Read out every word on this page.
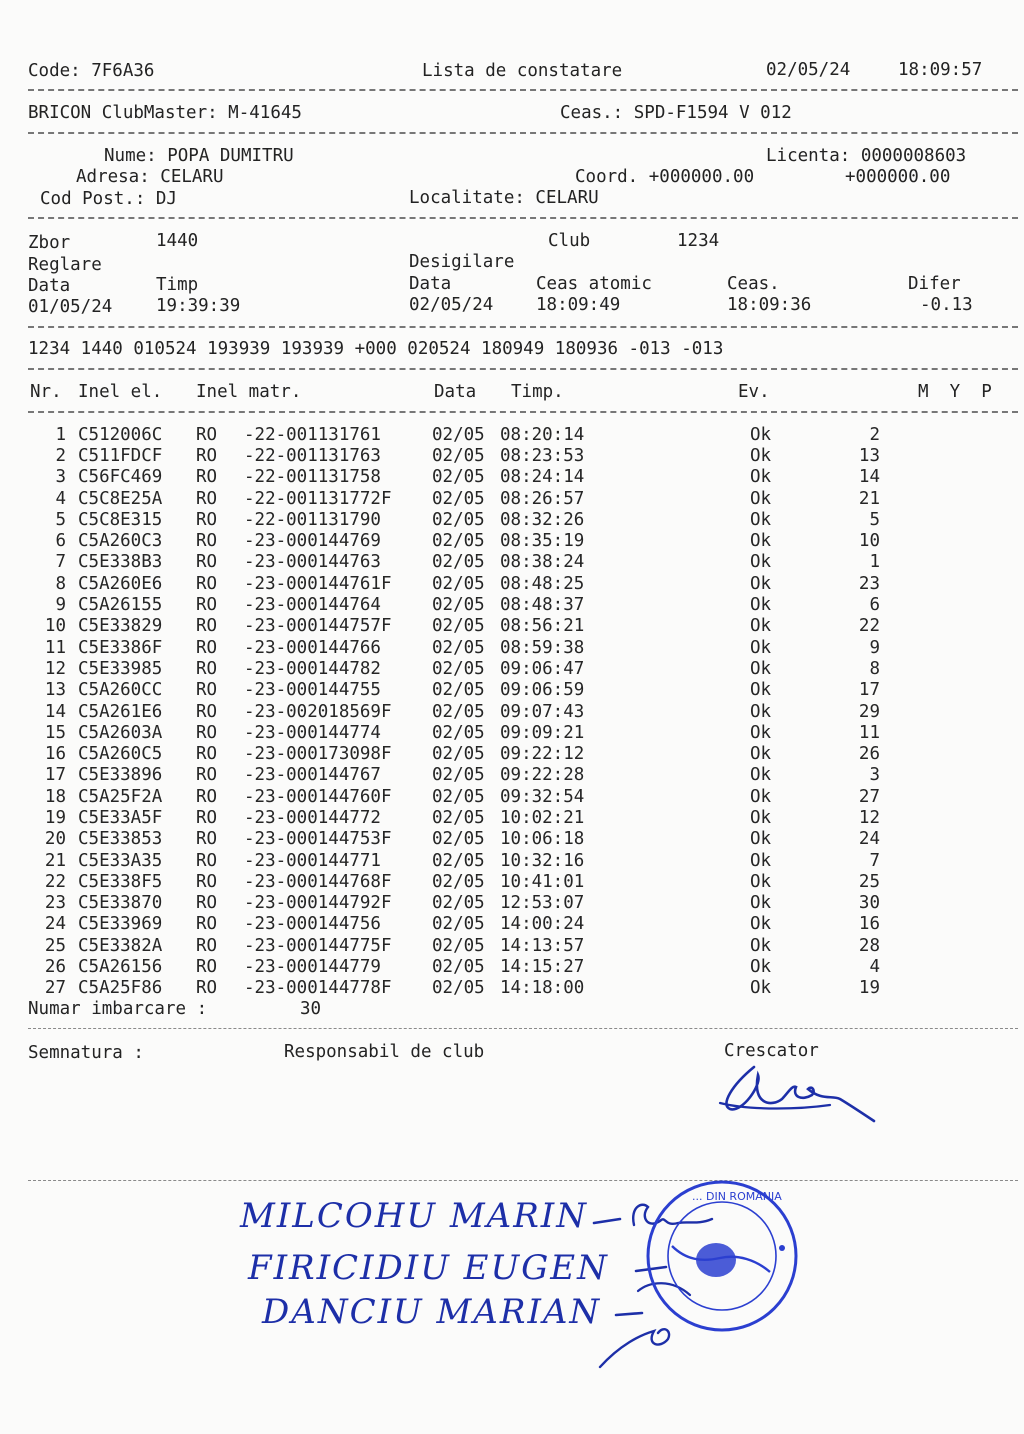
Code: 7F6A36	Lista de constatare	02/05/24	18:09:57
BRICON ClubMaster: M-41645	Ceas.: SPD-F1594 V 012
Nume: POPA DUMITRU	Licenta: 0000008603
Adresa: CELARU	Coord. +000000.00	+000000.00
Cod Post.: DJ	Localitate: CELARU
Zbor	1440	Club	1234
Reglare	Desigilare
Data	Timp	Data	Ceas atomic	Ceas.	Difer
01/05/24 19:39:39	02/05/24 18:09:49	18:09:36	-0.13
1234 1440 010524 193939 193939 +000 020524 180949 180936 -013 -013
Nr. Inel el. Inel matr.	Data Timp.	Ev.	M  Y  P
1	C512006C	RO	-22-001131761	02/05	08:20:14	Ok	2
2	C511FDCF	RO	-22-001131763	02/05	08:23:53	Ok	13
3	C56FC469	RO	-22-001131758	02/05	08:24:14	Ok	14
4	C5C8E25A	RO	-22-001131772F	02/05	08:26:57	Ok	21
5	C5C8E315	RO	-22-001131790	02/05	08:32:26	Ok	5
6	C5A260C3	RO	-23-000144769	02/05	08:35:19	Ok	10
7	C5E338B3	RO	-23-000144763	02/05	08:38:24	Ok	1
8	C5A260E6	RO	-23-000144761F	02/05	08:48:25	Ok	23
9	C5A26155	RO	-23-000144764	02/05	08:48:37	Ok	6
10	C5E33829	RO	-23-000144757F	02/05	08:56:21	Ok	22
11	C5E3386F	RO	-23-000144766	02/05	08:59:38	Ok	9
12	C5E33985	RO	-23-000144782	02/05	09:06:47	Ok	8
13	C5A260CC	RO	-23-000144755	02/05	09:06:59	Ok	17
14	C5A261E6	RO	-23-002018569F	02/05	09:07:43	Ok	29
15	C5A2603A	RO	-23-000144774	02/05	09:09:21	Ok	11
16	C5A260C5	RO	-23-000173098F	02/05	09:22:12	Ok	26
17	C5E33896	RO	-23-000144767	02/05	09:22:28	Ok	3
18	C5A25F2A	RO	-23-000144760F	02/05	09:32:54	Ok	27
19	C5E33A5F	RO	-23-000144772	02/05	10:02:21	Ok	12
20	C5E33853	RO	-23-000144753F	02/05	10:06:18	Ok	24
21	C5E33A35	RO	-23-000144771	02/05	10:32:16	Ok	7
22	C5E338F5	RO	-23-000144768F	02/05	10:41:01	Ok	25
23	C5E33870	RO	-23-000144792F	02/05	12:53:07	Ok	30
24	C5E33969	RO	-23-000144756	02/05	14:00:24	Ok	16
25	C5E3382A	RO	-23-000144775F	02/05	14:13:57	Ok	28
26	C5A26156	RO	-23-000144779	02/05	14:15:27	Ok	4
27	C5A25F86	RO	-23-000144778F	02/05	14:18:00	Ok	19
Numar imbarcare :	30
Semnatura :	Responsabil de club	Crescator
MILCOHU MARIN
FIRICIDIU EUGEN
DANCIU MARIAN
... DIN ROMANIA
